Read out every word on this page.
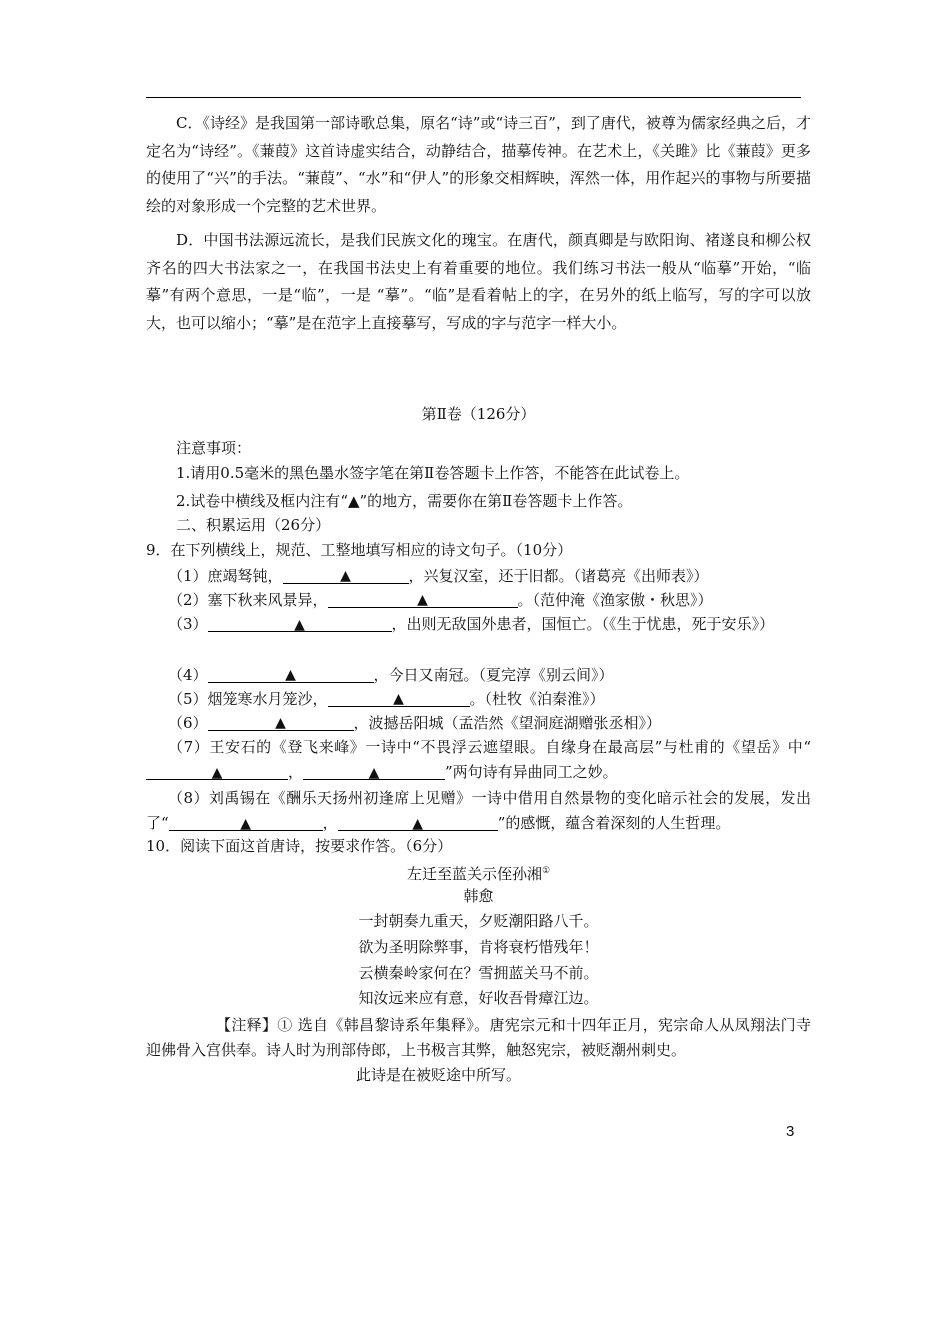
C．《诗经》是我国第一部诗歌总集，原名“诗”或“诗三百”，到了唐代，被尊为儒家经典之后，才定名为“诗经”。《蒹葭》这首诗虚实结合，动静结合，描摹传神。在艺术上，《关雎》比《蒹葭》更多的使用了“兴”的手法。“蒹葭”、“水”和“伊人”的形象交相辉映，浑然一体，用作起兴的事物与所要描绘的对象形成一个完整的艺术世界。

D．中国书法源远流长，是我们民族文化的瑰宝。在唐代，颜真卿是与欧阳询、褚遂良和柳公权齐名的四大书法家之一，在我国书法史上有着重要的地位。我们练习书法一般从“临摹”开始，“临摹”有两个意思，一是“临”，一是 “摹”。“临”是看着帖上的字，在另外的纸上临写，写的字可以放大，也可以缩小；“摹”是在范字上直接摹写，写成的字与范字一样大小。

第Ⅱ卷（126分）
注意事项：
1.请用0.5毫米的黑色墨水签字笔在第Ⅱ卷答题卡上作答，不能答在此试卷上。
2.试卷中横线及框内注有“▲”的地方，需要你在第Ⅱ卷答题卡上作答。
二、积累运用（26分）
9．在下列横线上，规范、工整地填写相应的诗文句子。（10分）
（1）庶竭驽钝，	▲	，兴复汉室，还于旧都。（诸葛亮《出师表》）
（2）塞下秋来风景异，	▲	。（范仲淹《渔家傲・秋思》）
（3）	▲	，出则无敌国外患者，国恒亡。（《生于忧患，死于安乐》）
（4）	▲	，今日又南冠。（夏完淳《别云间》）
（5）烟笼寒水月笼沙，	▲	。（杜牧《泊秦淮》）
（6）	▲	，波撼岳阳城（孟浩然《望洞庭湖赠张丞相》）
（7）王安石的《登飞来峰》一诗中“不畏浮云遮望眼。自缘身在最高层”与杜甫的《望岳》中“
▲	，	▲	”两句诗有异曲同工之妙。
（8）刘禹锡在《酬乐天扬州初逢席上见赠》一诗中借用自然景物的变化暗示社会的发展，发出了“	▲	，	▲	”的感慨，蕴含着深刻的人生哲理。
10．阅读下面这首唐诗，按要求作答。（6分）
左迁至蓝关示侄孙湘①
韩愈
一封朝奏九重天，夕贬潮阳路八千。
欲为圣明除弊事，肯将衰朽惜残年！
云横秦岭家何在？雪拥蓝关马不前。
知汝远来应有意，好收吾骨瘴江边。
【注释】① 选自《韩昌黎诗系年集释》。唐宪宗元和十四年正月，宪宗命人从凤翔法门寺迎佛骨入宫供奉。诗人时为刑部侍郎，上书极言其弊，触怒宪宗，被贬潮州刺史。
此诗是在被贬途中所写。
3
